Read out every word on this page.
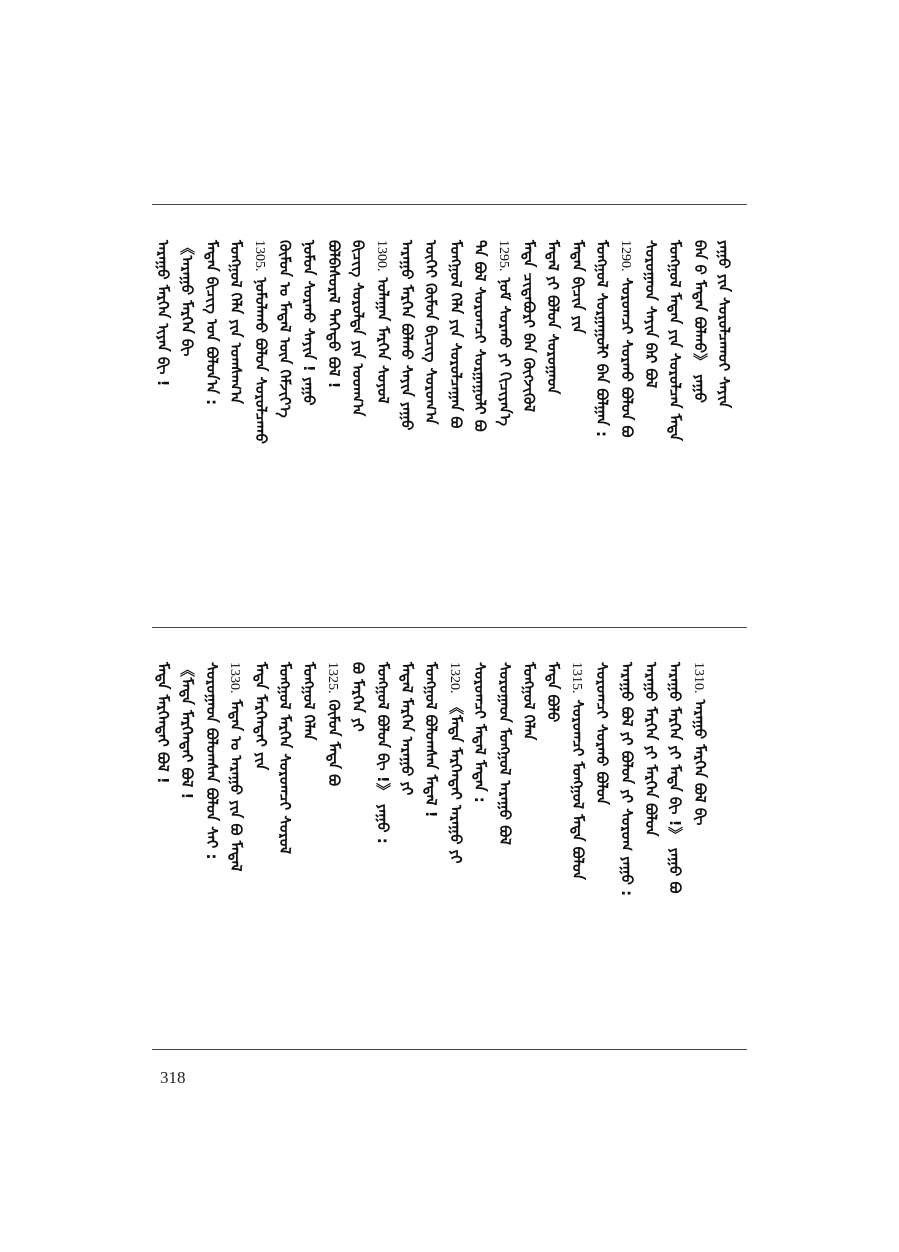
ᠠᠷᠠᠭᠤ ᠮᠡᠷᠭᠡᠨ ᠢᠶᠡᠨ ᠪᠢ ! 《ᠠᠷᠠᠭᠤ ᠮᠡᠷᠭᠡᠨ ᠪᠢ ᠮᠡᠳᠡᠨ ᠪᠢᠴᠢᠭ ᠤᠨ ᠪᠣᠯᠣᠨ᠎ᠠ : ᠮᠣᠩᠭᠣᠯ ᠬᠡᠯᠡ ᠶᠢᠨ ᠤᠭᠰᠠᠭ᠎ᠠ 1305.ᠨᠣᠮᠣᠯᠠᠬᠤ ᠪᠣᠯᠣᠨ ᠰᠤᠷᠤᠯᠴᠠᠬᠤ ᠬᠦᠮᠦᠨ ᠤ ᠮᠡᠳᠡᠯ ᠦᠨ ᠬᠡᠮᠵᠢᠶ᠎ᠡ ᠨᠣᠮᠣᠨ ᠰᠤᠷᠬᠤ ᠰᠠᠶᠢᠨ ! ᠶᠠᠭᠤ ᠪᠣᠯᠪᠠᠰᠤᠷᠠᠯ ᠳᠡᠭᠡᠳᠦ ᠪᠣᠯ ! ᠪᠢᠴᠢᠭ ᠰᠤᠷᠤᠯᠲᠠ ᠶᠢᠨ ᠤᠳᠬ᠎ᠠ 1300.ᠤᠯᠠᠭᠠᠨ ᠮᠡᠷᠭᠡᠨ ᠰᠣᠶᠣᠯ ᠠᠷᠠᠭᠤ ᠮᠡᠷᠭᠡᠨ ᠪᠣᠯᠬᠤ ᠰᠠᠶᠢᠨ ᠶᠠᠭᠤ ᠦᠭᠡᠢ ᠬᠦᠮᠦᠨ ᠪᠢᠴᠢᠭ ᠰᠤᠷᠤᠭ᠎ᠠ ᠮᠣᠩᠭᠣᠯ ᠬᠡᠯᠡ ᠶᠢᠨ ᠰᠤᠷᠤᠯᠴᠠᠭᠠᠨ ᠪᠣ ᠲᠡ ᠪᠣᠯ ᠰᠤᠷᠤᠭᠴᠢ ᠰᠤᠷᠭᠠᠭᠤᠯᠢ ᠪᠣ 1295.ᠨᠣᠮ ᠰᠤᠷᠬᠤ ᠶᠢ ᠬᠢᠴᠢᠶᠡᠨ᠎ᠡ ᠮᠡᠳᠡ ᠴᠢᠳᠠᠪᠤᠷᠢ ᠪᠠᠨ ᠬᠥᠭᠵᠢᠭᠦᠯ ᠮᠡᠳᠡᠯ ᠶᠢ ᠪᠣᠯᠣᠨ ᠰᠤᠷᠤᠭᠠᠳ ᠮᠡᠳᠡᠨ ᠪᠢᠴᠢᠨ ᠶᠢᠨ ᠮᠣᠩᠭᠣᠯ ᠰᠤᠷᠭᠠᠭᠤᠯᠢ ᠪᠠᠨ ᠪᠣᠯᠭᠠᠨ : 1290.ᠰᠤᠷᠤᠭᠴᠢ ᠰᠤᠷᠬᠤ ᠪᠣᠯᠤᠨ ᠪᠣ ᠰᠤᠷᠤᠭᠠᠳ ᠰᠠᠶᠢᠨ ᠪᠠᠷ ᠪᠣᠯ ᠮᠣᠩᠭᠣᠯ ᠮᠡᠳᠡᠨ ᠶᠢᠨ ᠰᠤᠷᠤᠯᠴᠠᠨ ᠮᠡᠳᠡ ᠪᠠᠨ ᠪ ᠮᠡᠳᠡᠨ ᠪᠣᠯᠬᠤ》 ᠶᠠᠭᠤ ᠶᠠᠭᠤ ᠶᠢᠨ ᠰᠤᠷᠤᠯᠴᠠᠬᠤᠢ ᠰᠠᠶᠢᠨ
ᠮᠡᠳᠡ ᠮᠡᠷᠭᠡᠨᠲᠡᠢ ᠪᠣᠯ ! 《ᠮᠡᠳᠡ ᠮᠡᠷᠭᠡᠨᠲᠡᠢ ᠪᠣᠯ ! ᠰᠤᠷᠤᠭᠠᠳ ᠪᠣᠯᠤᠭᠰᠠᠨ ᠪᠣᠯᠣᠨ ᠰᠠᠶ : 1330.ᠮᠡᠳᠡᠨ ᠤ ᠠᠷᠠᠭᠤ ᠶᠢᠨ ᠪᠣ ᠮᠡᠳᠡᠯ ᠮᠡᠳᠡ ᠮᠡᠷᠭᠡᠨᠲᠡᠢ ᠶᠢᠨ ᠮᠣᠩᠭᠣᠯ ᠮᠡᠷᠭᠡᠨ ᠰᠤᠷᠤᠭᠴᠢ ᠰᠤᠷᠤᠯ ᠮᠣᠩᠭᠣᠯ ᠬᠡᠯᠡᠨ 1325.ᠬᠦᠮᠦᠨ ᠮᠡᠳᠡ ᠪᠣ
ᠪᠣ ᠮᠡᠷᠭᠡᠨ ᠶᠢ ᠮᠣᠩᠭᠣᠯ ᠪᠣᠯᠣᠨ ᠪᠢ !》 ᠶᠠᠭᠤ : ᠮᠡᠳᠡᠯ ᠮᠡᠷᠭᠡᠨ ᠠᠷᠠᠭᠤ ᠶᠢ ᠮᠣᠩᠭᠣᠯ ᠪᠣᠯᠣᠭᠰᠠᠨ ᠮᠡᠳᠡᠯ ! 1320.《ᠮᠡᠳᠡ ᠮᠡᠷᠭᠡᠨᠲᠡᠢ ᠠᠷᠠᠭᠤ ᠶᠢ ᠰᠤᠷᠤᠭᠴᠢ ᠮᠡᠳᠡᠯ ᠮᠡᠳᠡᠨ : ᠰᠤᠷᠤᠭᠠᠳ ᠮᠣᠩᠭᠣᠯ ᠠᠷᠠᠭᠤ ᠪᠣᠯ ᠮᠣᠩᠭᠣᠯ ᠬᠡᠯᠡᠨ ᠮᠡᠳᠡ ᠪᠣᠯᠣ 1315.ᠰᠤᠷᠤᠭᠴᠢ ᠮᠣᠩᠭᠣᠯ ᠮᠡᠳᠡ ᠪᠣᠯᠣᠨ ᠰᠤᠷᠤᠭᠴᠢ ᠰᠤᠷᠬᠤ ᠪᠣᠯᠣᠨ ᠠᠷᠠᠭᠤ ᠪᠣᠯ ᠶᠢ ᠪᠣᠯᠣᠨ ᠶᠢ ᠰᠤᠷᠤᠭ ᠶᠠᠭᠤ : ᠠᠷᠠᠭᠤ ᠮᠡᠷᠭᠡᠨ ᠶᠢ ᠮᠡᠷᠭᠡᠨ ᠪᠣᠯᠣᠨ ᠠᠷᠠᠭᠤ ᠮᠡᠷᠭᠡᠨ ᠶᠢ ᠮᠡᠳᠡ ᠪᠢ !》 ᠶᠠᠭᠤ ᠪᠣ 1310.ᠠᠷᠠᠭᠤ ᠮᠡᠷᠭᠡᠨ ᠪᠣᠯ ᠪᠢ
318
